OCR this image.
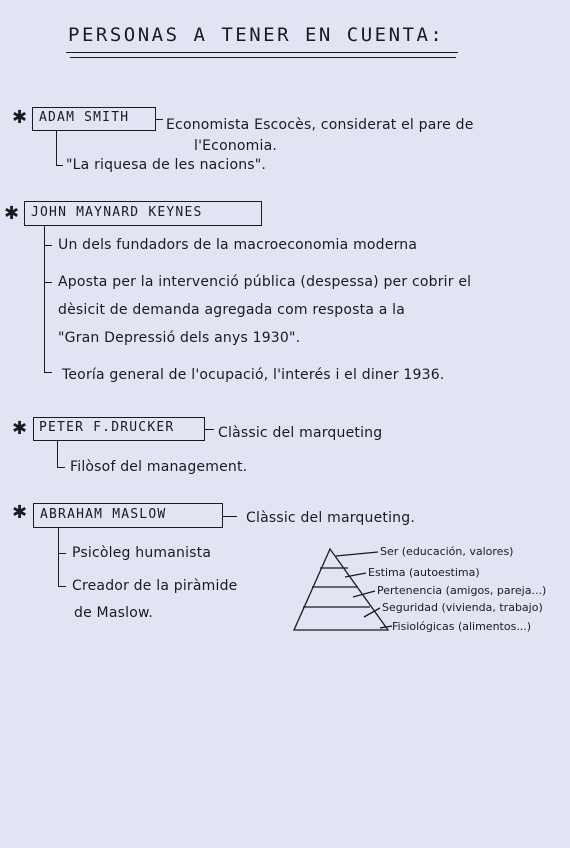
PERSONAS A TENER EN CUENTA:
✱ ADAM SMITH	Economista Escocès, considerat el pare de
l'Economia.
"La riquesa de les nacions".
✱ JOHN MAYNARD KEYNES
Un dels fundadors de la macroeconomia moderna
Aposta per la intervenció pública (despessa) per cobrir el
dèsicit de demanda agregada com resposta a la
"Gran Depressió dels anys 1930".
Teoría general de l'ocupació, l'interés i el diner 1936.
✱ PETER F.DRUCKER	Clàssic del marqueting
Filòsof del management.
✱ ABRAHAM MASLOW	Clàssic del marqueting.
Psicòleg humanista
Creador de la piràmide
de Maslow.
Ser (educación, valores)
Estima (autoestima)
Pertenencia (amigos, pareja...)
Seguridad (vivienda, trabajo)
Fisiológicas (alimentos...)
